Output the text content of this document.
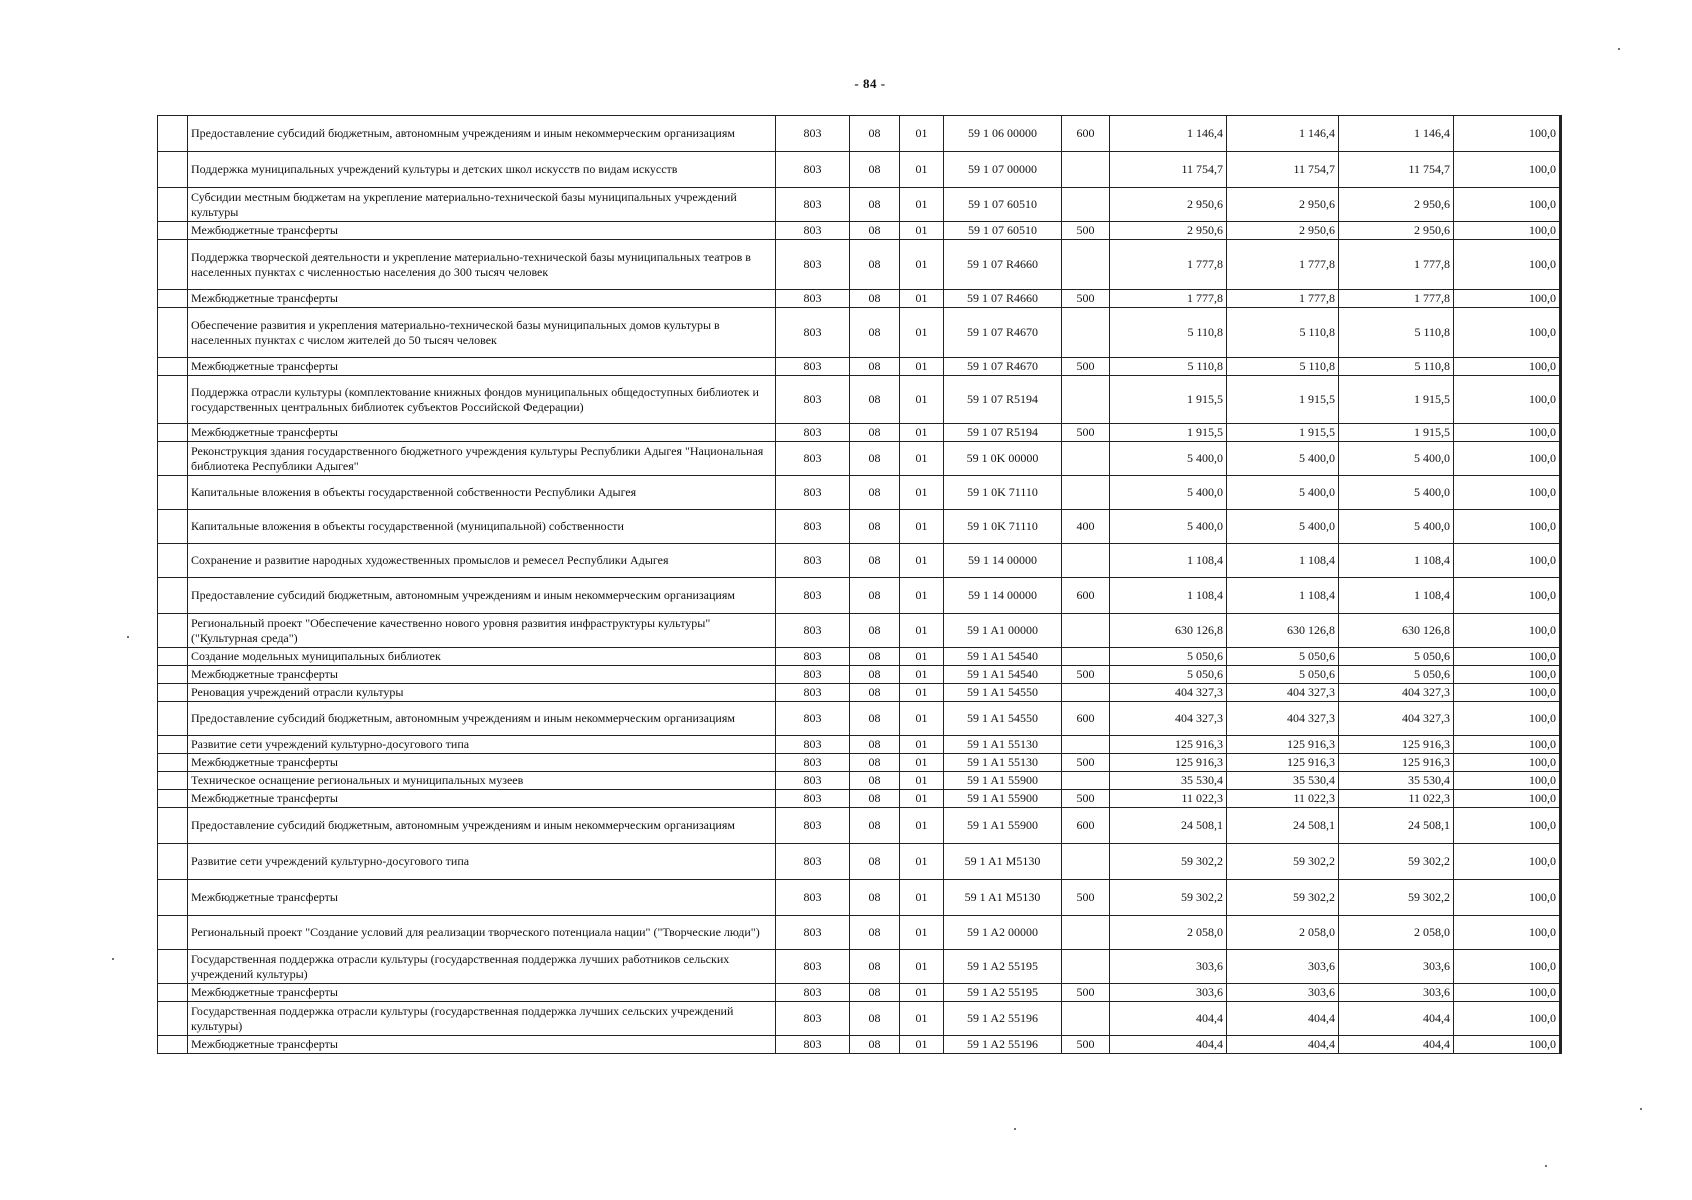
- 84 -
	Предоставление субсидий бюджетным, автономным учреждениям и иным некоммерческим организациям	803	08	01	59 1 06 00000	600	1 146,4	1 146,4	1 146,4	100,0
	Поддержка муниципальных учреждений культуры и детских школ искусств по видам искусств	803	08	01	59 1 07 00000		11 754,7	11 754,7	11 754,7	100,0
	Субсидии местным бюджетам на укрепление материально-технической базы муниципальных учреждений культуры	803	08	01	59 1 07 60510		2 950,6	2 950,6	2 950,6	100,0
	Межбюджетные трансферты	803	08	01	59 1 07 60510	500	2 950,6	2 950,6	2 950,6	100,0
	Поддержка творческой деятельности и укрепление материально-технической базы муниципальных театров в населенных пунктах с численностью населения до 300 тысяч человек	803	08	01	59 1 07 R4660		1 777,8	1 777,8	1 777,8	100,0
	Межбюджетные трансферты	803	08	01	59 1 07 R4660	500	1 777,8	1 777,8	1 777,8	100,0
	Обеспечение развития и укрепления материально-технической базы муниципальных домов культуры в населенных пунктах с числом жителей до 50 тысяч человек	803	08	01	59 1 07 R4670		5 110,8	5 110,8	5 110,8	100,0
	Межбюджетные трансферты	803	08	01	59 1 07 R4670	500	5 110,8	5 110,8	5 110,8	100,0
	Поддержка отрасли культуры (комплектование книжных фондов муниципальных общедоступных библиотек и государственных центральных библиотек субъектов Российской Федерации)	803	08	01	59 1 07 R5194		1 915,5	1 915,5	1 915,5	100,0
	Межбюджетные трансферты	803	08	01	59 1 07 R5194	500	1 915,5	1 915,5	1 915,5	100,0
	Реконструкция здания государственного бюджетного учреждения культуры Республики Адыгея "Национальная библиотека Республики Адыгея"	803	08	01	59 1 0K 00000		5 400,0	5 400,0	5 400,0	100,0
	Капитальные вложения в объекты государственной собственности Республики Адыгея	803	08	01	59 1 0K 71110		5 400,0	5 400,0	5 400,0	100,0
	Капитальные вложения в объекты государственной (муниципальной) собственности	803	08	01	59 1 0K 71110	400	5 400,0	5 400,0	5 400,0	100,0
	Сохранение и развитие народных художественных промыслов и ремесел Республики Адыгея	803	08	01	59 1 14 00000		1 108,4	1 108,4	1 108,4	100,0
	Предоставление субсидий бюджетным, автономным учреждениям и иным некоммерческим организациям	803	08	01	59 1 14 00000	600	1 108,4	1 108,4	1 108,4	100,0
	Региональный проект "Обеспечение качественно нового уровня развития инфраструктуры культуры" ("Культурная среда")	803	08	01	59 1 A1 00000		630 126,8	630 126,8	630 126,8	100,0
	Создание модельных муниципальных библиотек	803	08	01	59 1 A1 54540		5 050,6	5 050,6	5 050,6	100,0
	Межбюджетные трансферты	803	08	01	59 1 A1 54540	500	5 050,6	5 050,6	5 050,6	100,0
	Реновация учреждений отрасли культуры	803	08	01	59 1 A1 54550		404 327,3	404 327,3	404 327,3	100,0
	Предоставление субсидий бюджетным, автономным учреждениям и иным некоммерческим организациям	803	08	01	59 1 A1 54550	600	404 327,3	404 327,3	404 327,3	100,0
	Развитие сети учреждений культурно-досугового типа	803	08	01	59 1 A1 55130		125 916,3	125 916,3	125 916,3	100,0
	Межбюджетные трансферты	803	08	01	59 1 A1 55130	500	125 916,3	125 916,3	125 916,3	100,0
	Техническое оснащение региональных и муниципальных музеев	803	08	01	59 1 A1 55900		35 530,4	35 530,4	35 530,4	100,0
	Межбюджетные трансферты	803	08	01	59 1 A1 55900	500	11 022,3	11 022,3	11 022,3	100,0
	Предоставление субсидий бюджетным, автономным учреждениям и иным некоммерческим организациям	803	08	01	59 1 A1 55900	600	24 508,1	24 508,1	24 508,1	100,0
	Развитие сети учреждений культурно-досугового типа	803	08	01	59 1 A1 M5130		59 302,2	59 302,2	59 302,2	100,0
	Межбюджетные трансферты	803	08	01	59 1 A1 M5130	500	59 302,2	59 302,2	59 302,2	100,0
	Региональный проект "Создание условий для реализации творческого потенциала нации" ("Творческие люди")	803	08	01	59 1 A2 00000		2 058,0	2 058,0	2 058,0	100,0
	Государственная поддержка отрасли культуры (государственная поддержка лучших работников сельских учреждений культуры)	803	08	01	59 1 A2 55195		303,6	303,6	303,6	100,0
	Межбюджетные трансферты	803	08	01	59 1 A2 55195	500	303,6	303,6	303,6	100,0
	Государственная поддержка отрасли культуры (государственная поддержка лучших сельских учреждений культуры)	803	08	01	59 1 A2 55196		404,4	404,4	404,4	100,0
	Межбюджетные трансферты	803	08	01	59 1 A2 55196	500	404,4	404,4	404,4	100,0
